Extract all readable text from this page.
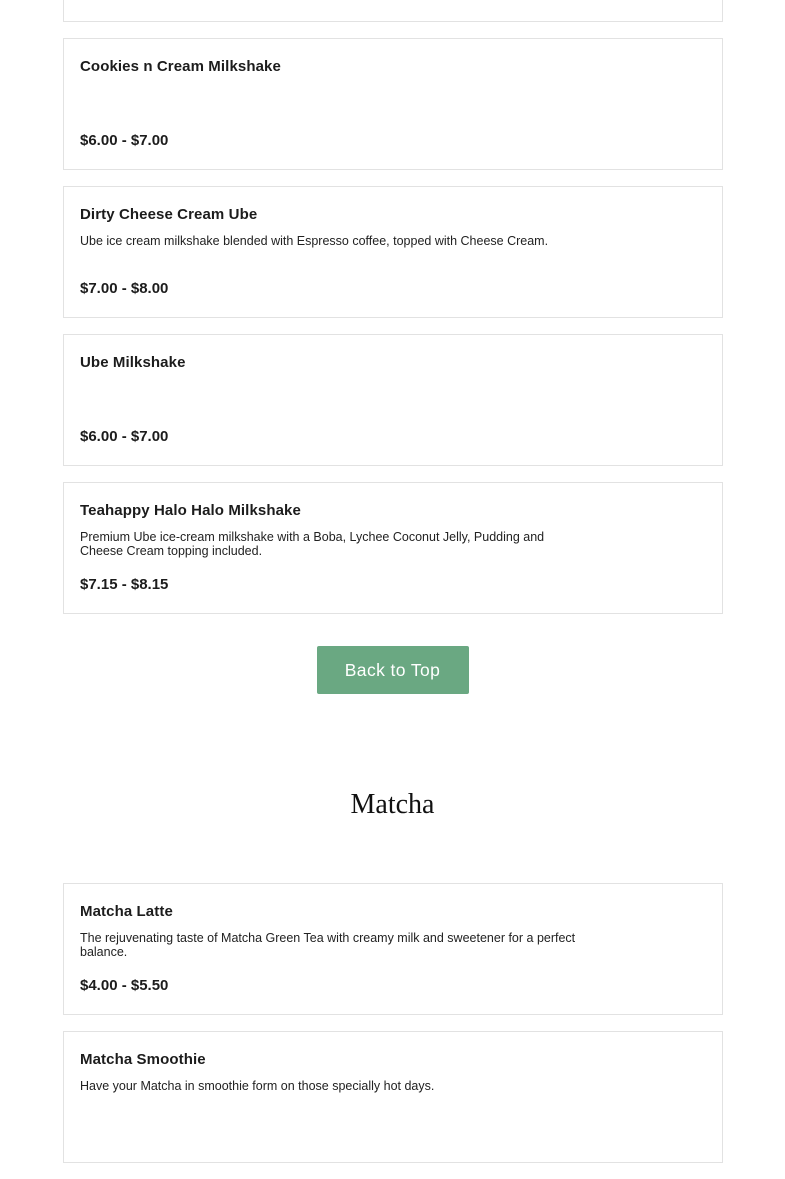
Cookies n Cream Milkshake
$6.00 - $7.00
Dirty Cheese Cream Ube
Ube ice cream milkshake blended with Espresso coffee, topped with Cheese Cream.
$7.00 - $8.00
Ube Milkshake
$6.00 - $7.00
Teahappy Halo Halo Milkshake
Premium Ube ice-cream milkshake with a Boba, Lychee Coconut Jelly, Pudding and Cheese Cream topping included.
$7.15 - $8.15
Back to Top
Matcha
Matcha Latte
The rejuvenating taste of Matcha Green Tea with creamy milk and sweetener for a perfect balance.
$4.00 - $5.50
Matcha Smoothie
Have your Matcha in smoothie form on those specially hot days.
